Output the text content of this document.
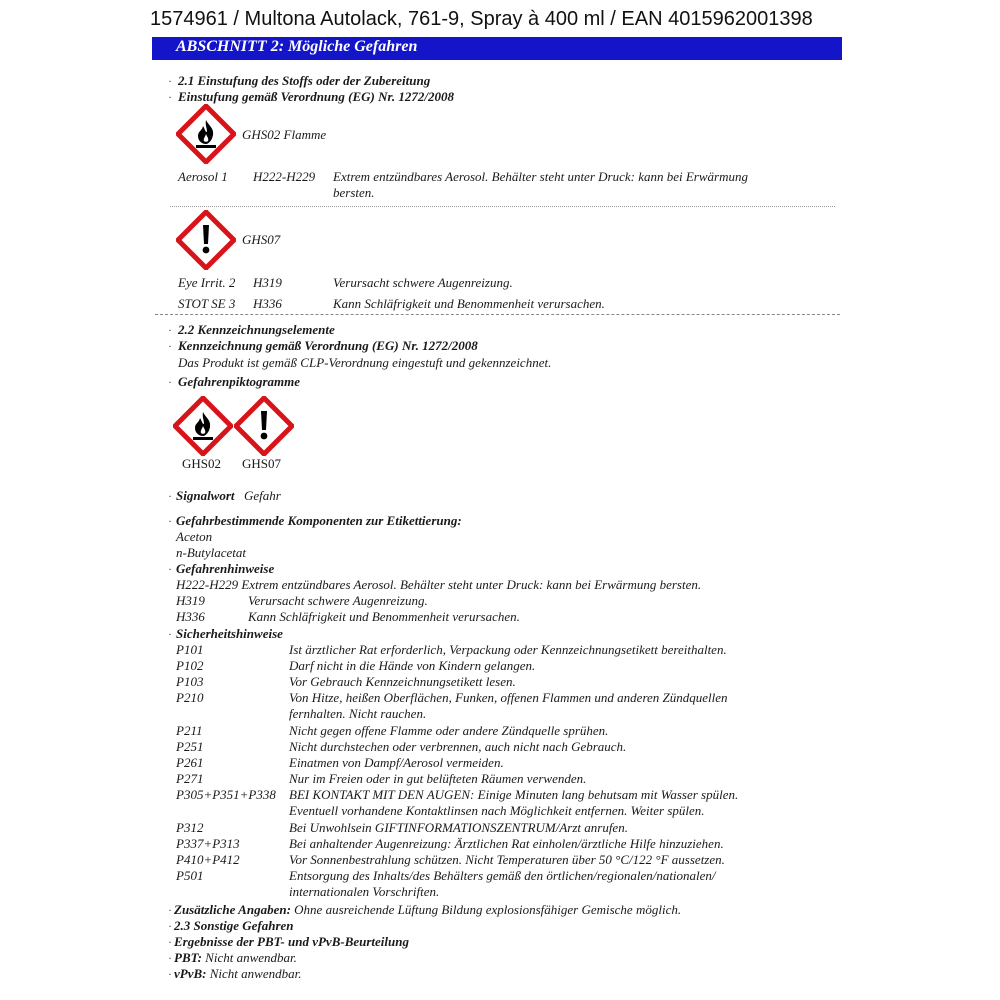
1574961 / Multona Autolack, 761-9, Spray à 400 ml / EAN 4015962001398
ABSCHNITT 2: Mögliche Gefahren
· 2.1 Einstufung des Stoffs oder der Zubereitung
· Einstufung gemäß Verordnung (EG) Nr. 1272/2008
GHS02 Flamme
Aerosol 1 H222-H229 Extrem entzündbares Aerosol. Behälter steht unter Druck: kann bei Erwärmung
bersten.
GHS07
Eye Irrit. 2 H319	Verursacht schwere Augenreizung.
STOT SE 3 H336	Kann Schläfrigkeit und Benommenheit verursachen.
· 2.2 Kennzeichnungselemente
· Kennzeichnung gemäß Verordnung (EG) Nr. 1272/2008
Das Produkt ist gemäß CLP-Verordnung eingestuft und gekennzeichnet.
· Gefahrenpiktogramme
GHS02 GHS07
· Signalwort Gefahr
· Gefahrbestimmende Komponenten zur Etikettierung:
Aceton
n-Butylacetat
· Gefahrenhinweise
H222-H229 Extrem entzündbares Aerosol. Behälter steht unter Druck: kann bei Erwärmung bersten.
H319	Verursacht schwere Augenreizung.
H336	Kann Schläfrigkeit und Benommenheit verursachen.
· Sicherheitshinweise
P101	Ist ärztlicher Rat erforderlich, Verpackung oder Kennzeichnungsetikett bereithalten.
P102	Darf nicht in die Hände von Kindern gelangen.
P103	Vor Gebrauch Kennzeichnungsetikett lesen.
P210	Von Hitze, heißen Oberflächen, Funken, offenen Flammen und anderen Zündquellen
fernhalten. Nicht rauchen.
P211	Nicht gegen offene Flamme oder andere Zündquelle sprühen.
P251	Nicht durchstechen oder verbrennen, auch nicht nach Gebrauch.
P261	Einatmen von Dampf/Aerosol vermeiden.
P271	Nur im Freien oder in gut belüfteten Räumen verwenden.
P305+P351+P338 BEI KONTAKT MIT DEN AUGEN: Einige Minuten lang behutsam mit Wasser spülen.
Eventuell vorhandene Kontaktlinsen nach Möglichkeit entfernen. Weiter spülen.
P312	Bei Unwohlsein GIFTINFORMATIONSZENTRUM/Arzt anrufen.
P337+P313	Bei anhaltender Augenreizung: Ärztlichen Rat einholen/ärztliche Hilfe hinzuziehen.
P410+P412	Vor Sonnenbestrahlung schützen. Nicht Temperaturen über 50 °C/122 °F aussetzen.
P501	Entsorgung des Inhalts/des Behälters gemäß den örtlichen/regionalen/nationalen/
internationalen Vorschriften.
· Zusätzliche Angaben: Ohne ausreichende Lüftung Bildung explosionsfähiger Gemische möglich.
· 2.3 Sonstige Gefahren
· Ergebnisse der PBT- und vPvB-Beurteilung
· PBT: Nicht anwendbar.
· vPvB: Nicht anwendbar.
